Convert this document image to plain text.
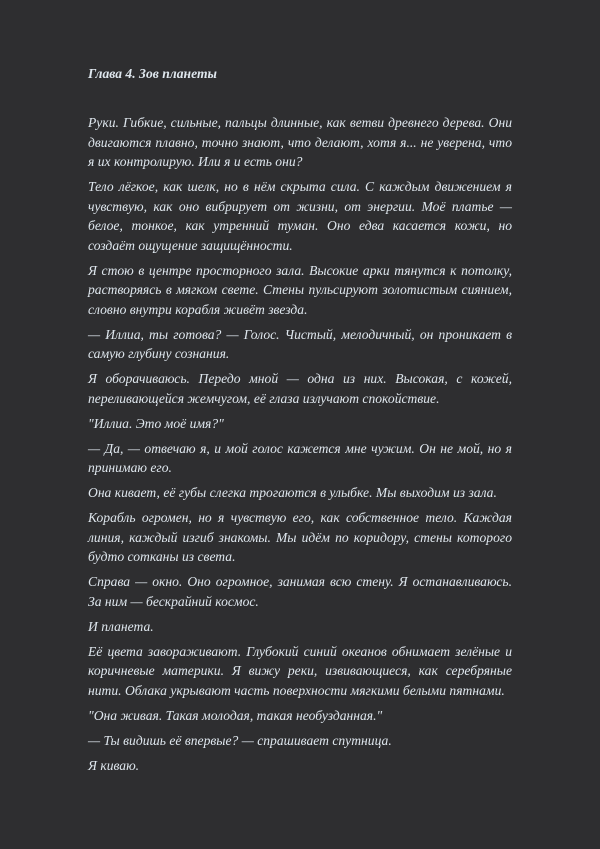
Глава 4. Зов планеты

Руки. Гибкие, сильные, пальцы длинные, как ветви древнего дерева. Они двигаются плавно, точно знают, что делают, хотя я... не уверена, что я их контролирую. Или я и есть они?

Тело лёгкое, как шелк, но в нём скрыта сила. С каждым движением я чувствую, как оно вибрирует от жизни, от энергии. Моё платье — белое, тонкое, как утренний туман. Оно едва касается кожи, но создаёт ощущение защищённости.

Я стою в центре просторного зала. Высокие арки тянутся к потолку, растворяясь в мягком свете. Стены пульсируют золотистым сиянием, словно внутри корабля живёт звезда.

— Иллиа, ты готова? — Голос. Чистый, мелодичный, он проникает в самую глубину сознания.

Я оборачиваюсь. Передо мной — одна из них. Высокая, с кожей, переливающейся жемчугом, её глаза излучают спокойствие.

"Иллиа. Это моё имя?"

— Да, — отвечаю я, и мой голос кажется мне чужим. Он не мой, но я принимаю его.

Она кивает, её губы слегка трогаются в улыбке. Мы выходим из зала.

Корабль огромен, но я чувствую его, как собственное тело. Каждая линия, каждый изгиб знакомы. Мы идём по коридору, стены которого будто сотканы из света.

Справа — окно. Оно огромное, занимая всю стену. Я останавливаюсь. За ним — бескрайний космос.

И планета.

Её цвета завораживают. Глубокий синий океанов обнимает зелёные и коричневые материки. Я вижу реки, извивающиеся, как серебряные нити. Облака укрывают часть поверхности мягкими белыми пятнами.

"Она живая. Такая молодая, такая необузданная."

— Ты видишь её впервые? — спрашивает спутница.

Я киваю.
